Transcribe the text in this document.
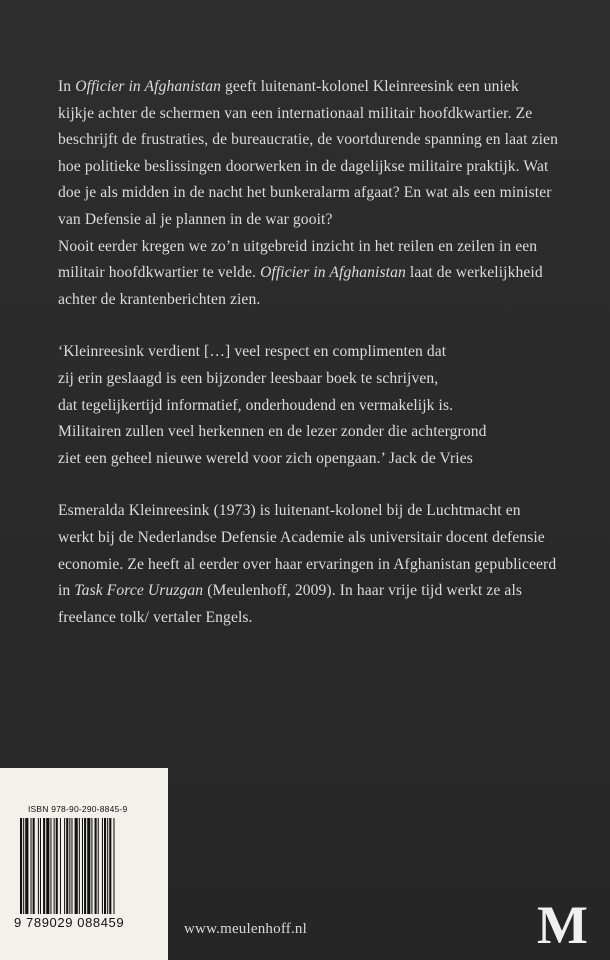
In Officier in Afghanistan geeft luitenant-kolonel Kleinreesink een uniek kijkje achter de schermen van een internationaal militair hoofdkwartier. Ze beschrijft de frustraties, de bureaucratie, de voortdurende spanning en laat zien hoe politieke beslissingen doorwerken in de dagelijkse militaire praktijk. Wat doe je als midden in de nacht het bunkeralarm afgaat? En wat als een minister van Defensie al je plannen in de war gooit?

Nooit eerder kregen we zo’n uitgebreid inzicht in het reilen en zeilen in een militair hoofdkwartier te velde. Officier in Afghanistan laat de werkelijkheid achter de krantenberichten zien.

‘Kleinreesink verdient […] veel respect en complimenten dat
zij erin geslaagd is een bijzonder leesbaar boek te schrijven,
dat tegelijkertijd informatief, onderhoudend en vermakelijk is.
Militairen zullen veel herkennen en de lezer zonder die achtergrond
ziet een geheel nieuwe wereld voor zich opengaan.’ Jack de Vries

Esmeralda Kleinreesink (1973) is luitenant-kolonel bij de Luchtmacht en werkt bij de Nederlandse Defensie Academie als universitair docent defensie economie. Ze heeft al eerder over haar ervaringen in Afghanistan gepubliceerd in Task Force Uruzgan (Meulenhoff, 2009). In haar vrije tijd werkt ze als freelance tolk/ vertaler Engels.

ISBN 978-90-290-8845-9
9 789029 088459	www.meulenhoff.nl	M
